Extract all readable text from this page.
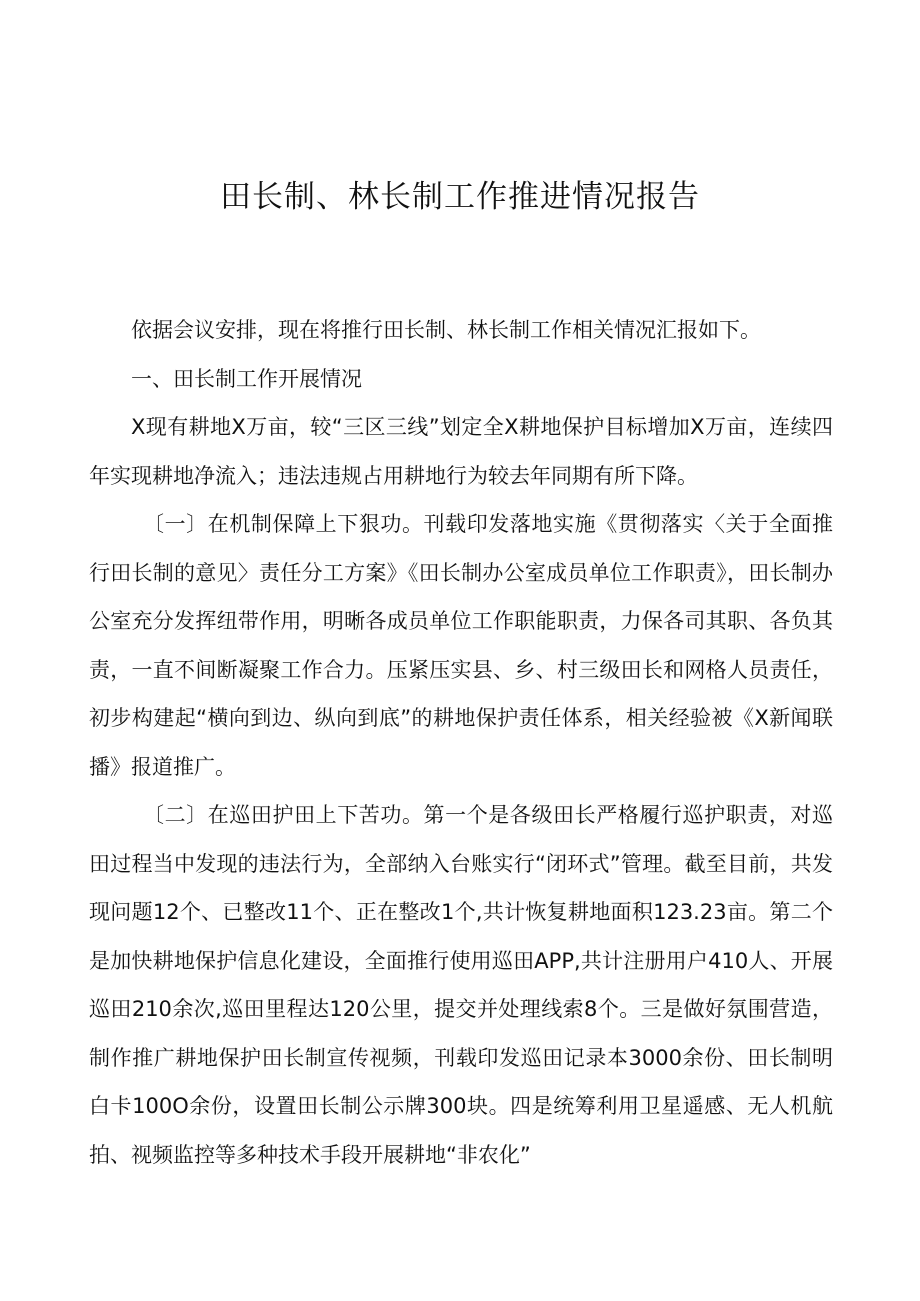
田长制、林长制工作推进情况报告

依据会议安排，现在将推行田长制、林长制工作相关情况汇报如下。

一、田长制工作开展情况

X现有耕地X万亩，较“三区三线”划定全X耕地保护目标增加X万亩，连续四年实现耕地净流入；违法违规占用耕地行为较去年同期有所下降。

〔一〕在机制保障上下狠功。刊载印发落地实施《贯彻落实〈关于全面推行田长制的意见〉责任分工方案》《田长制办公室成员单位工作职责》，田长制办公室充分发挥纽带作用，明晰各成员单位工作职能职责，力保各司其职、各负其责，一直不间断凝聚工作合力。压紧压实县、乡、村三级田长和网格人员责任，初步构建起“横向到边、纵向到底”的耕地保护责任体系，相关经验被《X新闻联播》报道推广。

〔二〕在巡田护田上下苦功。第一个是各级田长严格履行巡护职责，对巡田过程当中发现的违法行为，全部纳入台账实行“闭环式”管理。截至目前，共发现问题12个、已整改11个、正在整改1个,共计恢复耕地面积123.23亩。第二个是加快耕地保护信息化建设，全面推行使用巡田APP,共计注册用户410人、开展巡田210余次,巡田里程达120公里，提交并处理线索8个。三是做好氛围营造，制作推广耕地保护田长制宣传视频，刊载印发巡田记录本3000余份、田长制明白卡100O余份，设置田长制公示牌300块。四是统筹利用卫星遥感、无人机航拍、视频监控等多种技术手段开展耕地“非农化”
